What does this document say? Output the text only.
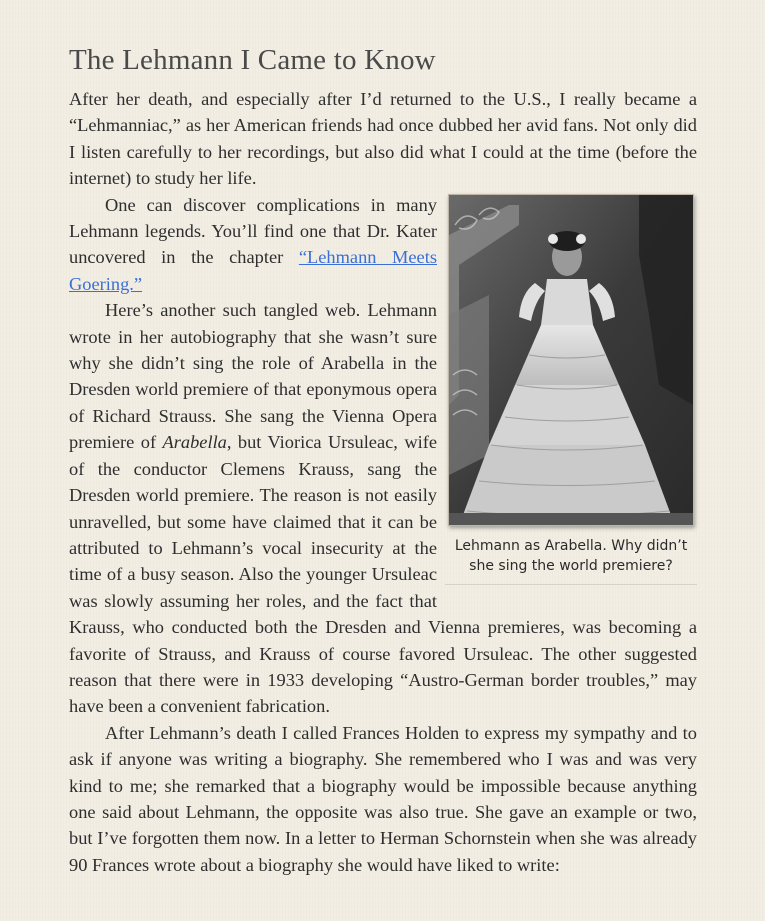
The Lehmann I Came to Know

After her death, and especially after I’d returned to the U.S., I really became a “Lehmanniac,” as her American friends had once dubbed her avid fans. Not only did I listen carefully to her recordings, but also did what I could at the time (before the internet) to study her life.

Lehmann as Arabella. Why didn’t she sing the world premiere?

One can discover complications in many Lehmann legends. You’ll find one that Dr. Kater uncovered in the chapter “Lehmann Meets Goering.”

Here’s another such tangled web. Lehmann wrote in her autobiography that she wasn’t sure why she didn’t sing the role of Arabella in the Dresden world premiere of that eponymous opera of Richard Strauss. She sang the Vienna Opera premiere of Arabella, but Viorica Ursuleac, wife of the conductor Clemens Krauss, sang the Dresden world premiere. The reason is not easily unravelled, but some have claimed that it can be attributed to Lehmann’s vocal insecurity at the time of a busy season. Also the younger Ursuleac was slowly assuming her roles, and the fact that Krauss, who conducted both the Dresden and Vienna premieres, was becoming a favorite of Strauss, and Krauss of course favored Ursuleac. The other suggested reason that there were in 1933 developing “Austro-German border troubles,” may have been a convenient fabrication.

After Lehmann’s death I called Frances Holden to express my sympathy and to ask if anyone was writing a biography. She remembered who I was and was very kind to me; she remarked that a biography would be impossible because anything one said about Lehmann, the opposite was also true. She gave an example or two, but I’ve forgotten them now. In a letter to Herman Schornstein when she was already 90 Frances wrote about a biography she would have liked to write:
